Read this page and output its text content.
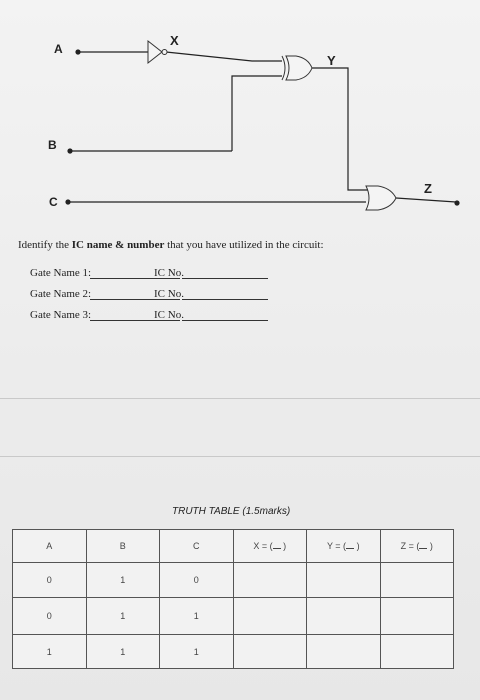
A
B
C
X
Y
Z
Identify the IC name & number that you have utilized in the circuit:
Gate Name 1:	IC No.
Gate Name 2:	IC No.
Gate Name 3:	IC No.
TRUTH TABLE (1.5marks)
A	B	C	X = ( )	Y = ( )	Z = ( )
0	1	0			
0	1	1			
1	1	1			
